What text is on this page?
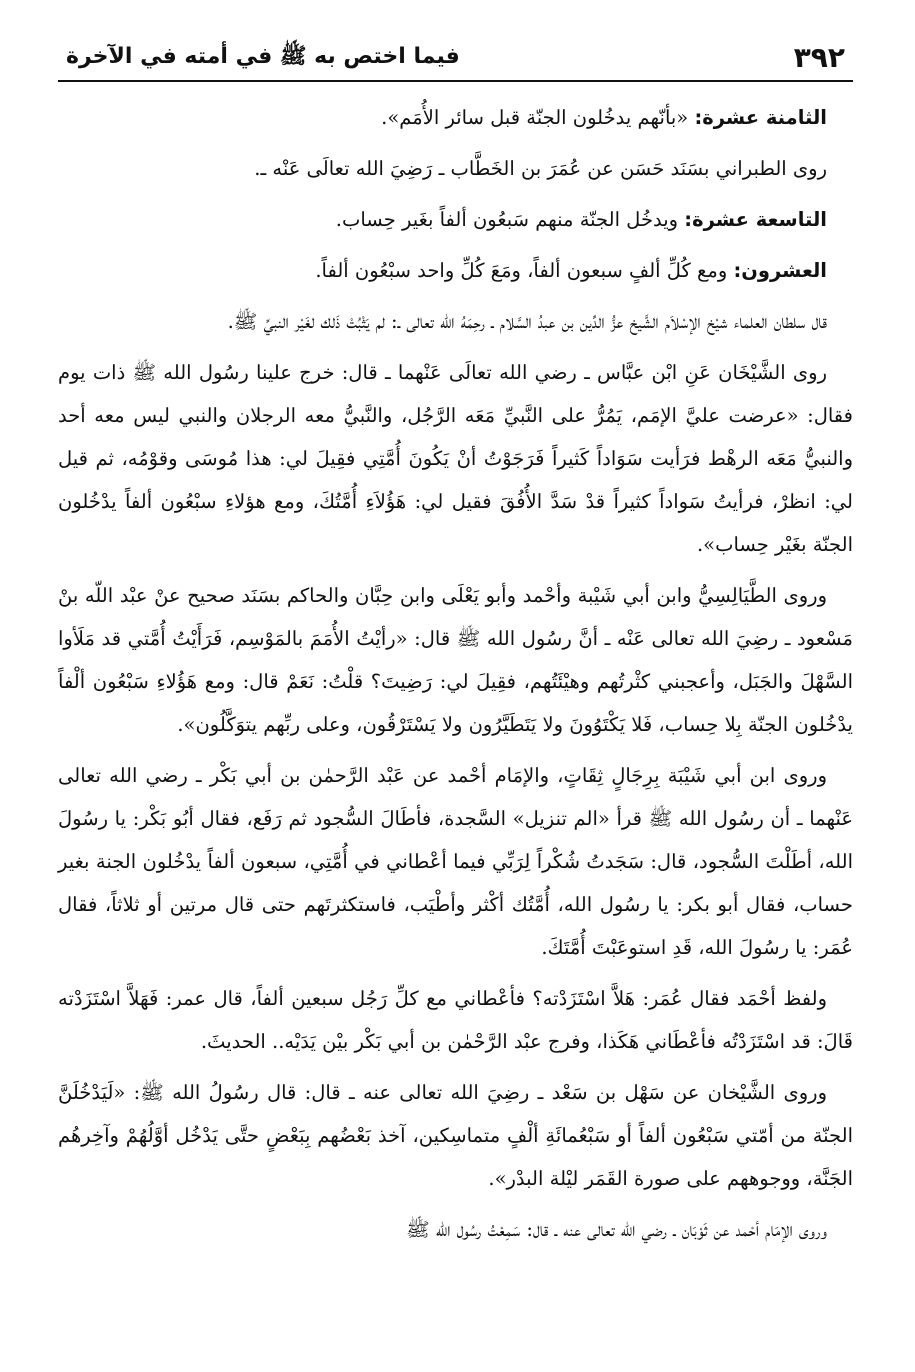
٣٩٢
فيما اختص به ﷺ في أمته في الآخرة

الثامنة عشرة: «بأنّهم يدخُلون الجنّة قبل سائر الأُمَم».

روى الطبراني بسَنَد حَسَن عن عُمَرَ بن الخَطَّاب ـ رَضِيَ الله تعالَى عَنْه ـ.

التاسعة عشرة: ويدخُل الجنّة منهم سَبعُون ألفاً بغَير حِساب.

العشرون: ومع كُلِّ ألفٍ سبعون ألفاً، ومَعَ كُلِّ واحد سبْعُون ألفاً.

قال سلطان العلماء شيْخ الإسْلاَم الشَّيخ عزُّ الدِّين بن عبدُ السَّلام ـ رحِمَهُ الله تعالى ـ: لم يَثْبُتْ ذَلك لغَيْر النبيِّ ﷺ.

روى الشَّيْخَان عَنِ ابْن عبَّاس ـ رضي الله تعالَى عَنْهما ـ قال: خرج علينا رسُول الله ﷺ ذات يوم فقال: «عرضت عليَّ الإمَم، يَمُرُّ على النَّبيِّ مَعَه الرَّجُل، والنَّبيُّ معه الرجلان والنبي ليس معه أحد والنبيُّ مَعَه الرهْط فرَأيت سَوَاداً كَثيراً فَرَجَوْتُ أنْ يَكُونَ أُمَّتِي فقِيلَ لي: هذا مُوسَى وقوْمُه، ثم قيل لي: انظرْ، فرأيتُ سَواداً كثيراً قدْ سَدَّ الأُفُقَ فقيل لي: هَؤُلاَءِ أُمَّتُكَ، ومع هؤلاءِ سبْعُون ألفاً يدْخُلون الجنّة بغَيْر حِساب».

وروى الطَّيَالِسِيُّ وابن أبي شَيْبة وأحْمد وأبو يَعْلَى وابن حِبَّان والحاكم بسَنَد صحيح عنْ عبْد اللّه بنْ مَسْعود ـ رضِيَ الله تعالى عَنْه ـ أنَّ رسُول الله ﷺ قال: «رأيْتُ الأُمَمَ بالمَوْسِم، فَرَأَيْتُ أُمَّتي قد مَلَأوا السَّهْلَ والجَبَل، وأعجبني كثْرتُهم وهيْئَتُهم، فقِيلَ لي: رَضِيتَ؟ قلْتُ: نَعَمْ قال: ومع هَؤُلاءِ سَبْعُون ألْفاً يدْخُلون الجنّة بِلا حِساب، فَلا يَكْتَوُونَ ولا يَتَطَيَّرُون ولا يَسْتَرْقُون، وعلى ربِّهم يتوَكَّلُون».

وروى ابن أبي شَيْبَة بِرِجَالٍ ثِقَاتٍ، والإمَام أحْمد عن عَبْد الرَّحمٰن بن أبي بَكْر ـ رضي الله تعالى عَنْهما ـ أن رسُول الله ﷺ قرأ «الم تنزيل» السَّجدة، فأطَالَ السُّجود ثم رَفَع، فقال أبُو بَكْر: يا رسُولَ الله، أطَلْتَ السُّجود، قال: سَجَدتُ شُكْراً لِرَبِّي فيما أعْطاني في أُمَّتِي، سبعون ألفاً يدْخُلون الجنة بغير حساب، فقال أبو بكر: يا رسُول الله، أُمَّتُك أكْثر وأطْيَب، فاستكثرتَهم حتى قال مرتين أو ثلاثاً، فقال عُمَر: يا رسُولَ الله، قَدِ استوعَبْتَ أُمَّتَكَ.

ولفظ أحْمَد فقال عُمَر: هَلاَّ اسْتَزَدْته؟ فأعْطاني مع كلِّ رَجُل سبعين ألفاً، قال عمر: فَهَلاَّ اسْتَزَدْته قَالَ: قد اسْتَزَدْتُه فأعْطَاني هَكَذا، وفرج عبْد الرَّحْمٰن بن أبي بَكْر بيْن يَدَيْه.. الحديثَ.

وروى الشَّيْخان عن سَهْل بن سَعْد ـ رضِيَ الله تعالى عنه ـ قال: قال رسُولُ الله ﷺ: «لَيَدْخُلَنَّ الجنّة من أمّتي سَبْعُون ألفاً أو سَبْعُمائَةِ ألْفٍ متماسِكين، آخذ بَعْضُهم بِبَعْضٍ حتَّى يَدْخُل أوَّلُهُمْ وآخِرهُم الجَنَّة، ووجوههم على صورة القَمَر ليْلة البدْر».

وروى الإمَام أحْمد عن ثَوْبَان ـ رضي الله تعالى عنه ـ قال: سَمِعْتُ رسُول الله ﷺ
